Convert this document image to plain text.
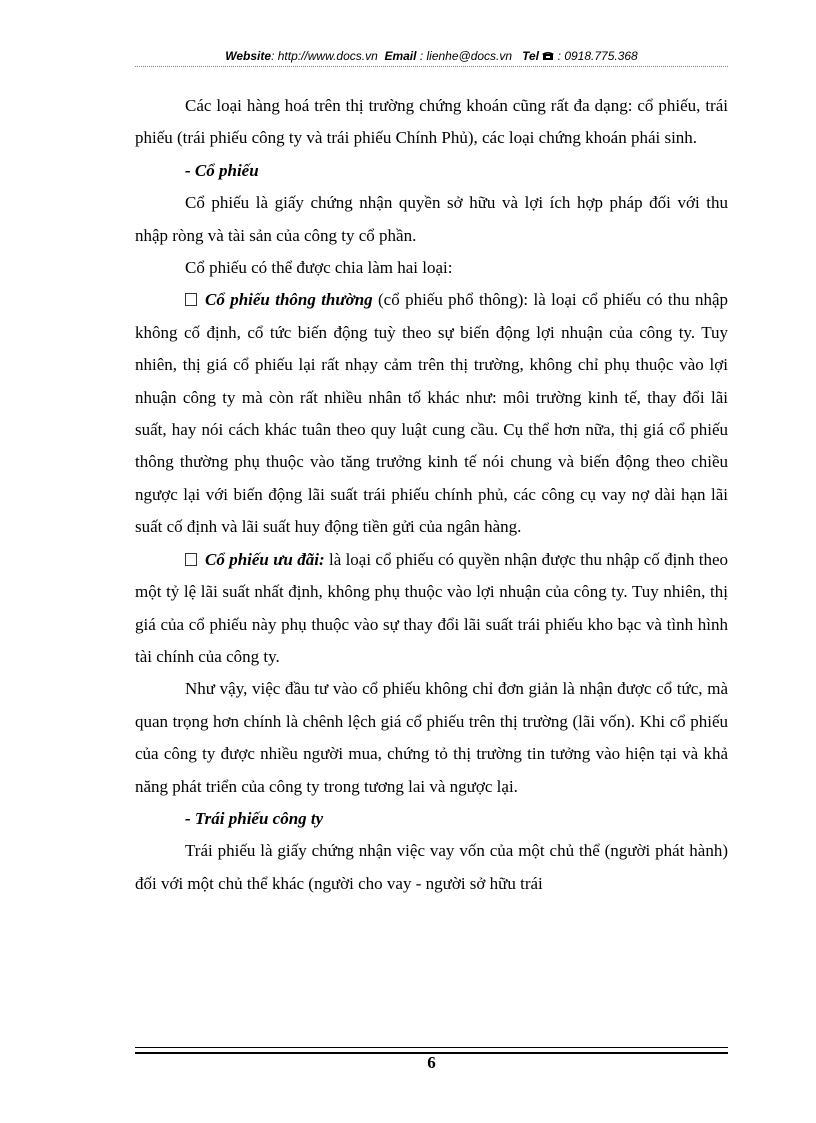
Website: http://www.docs.vn Email : lienhe@docs.vn Tel : 0918.775.368

Các loại hàng hoá trên thị trường chứng khoán cũng rất đa dạng: cổ phiếu, trái phiếu (trái phiếu công ty và trái phiếu Chính Phủ), các loại chứng khoán phái sinh.

- Cổ phiếu

Cổ phiếu là giấy chứng nhận quyền sở hữu và lợi ích hợp pháp đối với thu nhập ròng và tài sản của công ty cổ phần.

Cổ phiếu có thể được chia làm hai loại:

Cổ phiếu thông thường (cổ phiếu phổ thông): là loại cổ phiếu có thu nhập không cố định, cổ tức biến động tuỳ theo sự biến động lợi nhuận của công ty. Tuy nhiên, thị giá cổ phiếu lại rất nhạy cảm trên thị trường, không chỉ phụ thuộc vào lợi nhuận công ty mà còn rất nhiều nhân tố khác như: môi trường kinh tế, thay đổi lãi suất, hay nói cách khác tuân theo quy luật cung cầu. Cụ thể hơn nữa, thị giá cổ phiếu thông thường phụ thuộc vào tăng trưởng kinh tế nói chung và biến động theo chiều ngược lại với biến động lãi suất trái phiếu chính phủ, các công cụ vay nợ dài hạn lãi suất cố định và lãi suất huy động tiền gửi của ngân hàng.

Cổ phiếu ưu đãi: là loại cổ phiếu có quyền nhận được thu nhập cố định theo một tỷ lệ lãi suất nhất định, không phụ thuộc vào lợi nhuận của công ty. Tuy nhiên, thị giá của cổ phiếu này phụ thuộc vào sự thay đổi lãi suất trái phiếu kho bạc và tình hình tài chính của công ty.

Như vậy, việc đầu tư vào cổ phiếu không chỉ đơn giản là nhận được cổ tức, mà quan trọng hơn chính là chênh lệch giá cổ phiếu trên thị trường (lãi vốn). Khi cổ phiếu của công ty được nhiều người mua, chứng tỏ thị trường tin tưởng vào hiện tại và khả năng phát triển của công ty trong tương lai và ngược lại.

- Trái phiếu công ty

Trái phiếu là giấy chứng nhận việc vay vốn của một chủ thể (người phát hành) đối với một chủ thể khác (người cho vay - người sở hữu trái

6
